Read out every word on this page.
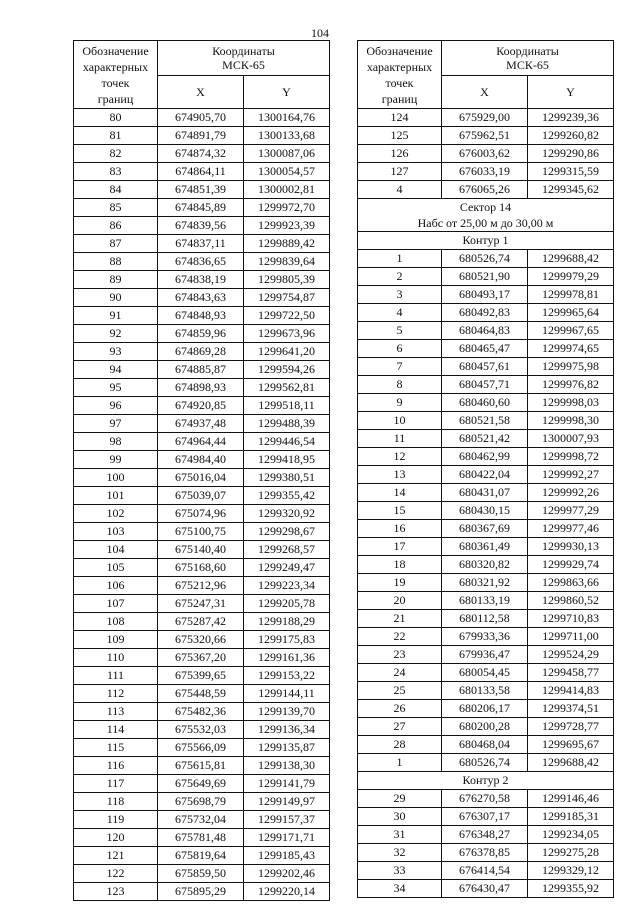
104
Обозначение
характерных
точек
границ	Координаты
МСК-65	
	X	Y
80	674905,70	1300164,76
81	674891,79	1300133,68
82	674874,32	1300087,06
83	674864,11	1300054,57
84	674851,39	1300002,81
85	674845,89	1299972,70
86	674839,56	1299923,39
87	674837,11	1299889,42
88	674836,65	1299839,64
89	674838,19	1299805,39
90	674843,63	1299754,87
91	674848,93	1299722,50
92	674859,96	1299673,96
93	674869,28	1299641,20
94	674885,87	1299594,26
95	674898,93	1299562,81
96	674920,85	1299518,11
97	674937,48	1299488,39
98	674964,44	1299446,54
99	674984,40	1299418,95
100	675016,04	1299380,51
101	675039,07	1299355,42
102	675074,96	1299320,92
103	675100,75	1299298,67
104	675140,40	1299268,57
105	675168,60	1299249,47
106	675212,96	1299223,34
107	675247,31	1299205,78
108	675287,42	1299188,29
109	675320,66	1299175,83
110	675367,20	1299161,36
111	675399,65	1299153,22
112	675448,59	1299144,11
113	675482,36	1299139,70
114	675532,03	1299136,34
115	675566,09	1299135,87
116	675615,81	1299138,30
117	675649,69	1299141,79
118	675698,79	1299149,97
119	675732,04	1299157,37
120	675781,48	1299171,71
121	675819,64	1299185,43
122	675859,50	1299202,46
123	675895,29	1299220,14
Обозначение
характерных
точек
границ	Координаты
МСК-65	
	X	Y
124	675929,00	1299239,36
125	675962,51	1299260,82
126	676003,62	1299290,86
127	676033,19	1299315,59
4	676065,26	1299345,62
Сектор 14
Набс от 25,00 м до 30,00 м		
Контур 1		
1	680526,74	1299688,42
2	680521,90	1299979,29
3	680493,17	1299978,81
4	680492,83	1299965,64
5	680464,83	1299967,65
6	680465,47	1299974,65
7	680457,61	1299975,98
8	680457,71	1299976,82
9	680460,60	1299998,03
10	680521,58	1299998,30
11	680521,42	1300007,93
12	680462,99	1299998,72
13	680422,04	1299992,27
14	680431,07	1299992,26
15	680430,15	1299977,29
16	680367,69	1299977,46
17	680361,49	1299930,13
18	680320,82	1299929,74
19	680321,92	1299863,66
20	680133,19	1299860,52
21	680112,58	1299710,83
22	679933,36	1299711,00
23	679936,47	1299524,29
24	680054,45	1299458,77
25	680133,58	1299414,83
26	680206,17	1299374,51
27	680200,28	1299728,77
28	680468,04	1299695,67
1	680526,74	1299688,42
Контур 2		
29	676270,58	1299146,46
30	676307,17	1299185,31
31	676348,27	1299234,05
32	676378,85	1299275,28
33	676414,54	1299329,12
34	676430,47	1299355,92
